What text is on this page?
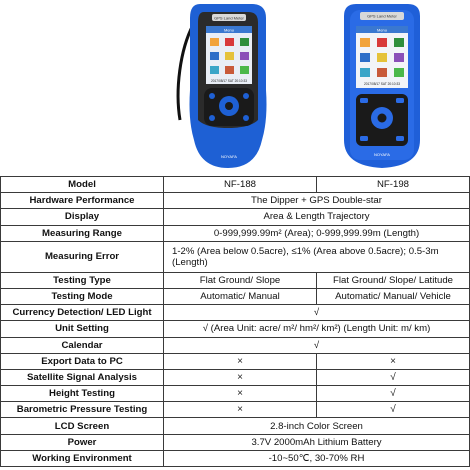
GPS Land Meter
Menu
2017/08/17 SAT 20:10:33
NOYAFA
GPS Land Meter
Menu
2017/08/17 SAT 20:10:33
NOYAFA
Model	NF-188	NF-198
Hardware Performance	The Dipper + GPS Double-star	
Display	Area & Length Trajectory	
Measuring Range	0-999,999.99m² (Area); 0-999,999.99m (Length)	
Measuring Error	1-2% (Area below 0.5acre), ≤1% (Area above 0.5acre); 0.5-3m (Length)	
Testing Type	Flat Ground/ Slope	Flat Ground/ Slope/ Latitude
Testing Mode	Automatic/ Manual	Automatic/ Manual/ Vehicle
Currency Detection/ LED Light	√	
Unit Setting	√ (Area Unit: acre/ m²/ hm²/ km²) (Length Unit: m/ km)	
Calendar	√	
Export Data to PC	×	×
Satellite Signal Analysis	×	√
Height Testing	×	√
Barometric Pressure Testing	×	√
LCD Screen	2.8-inch Color Screen	
Power	3.7V 2000mAh Lithium Battery	
Working Environment	-10~50℃, 30-70% RH	
